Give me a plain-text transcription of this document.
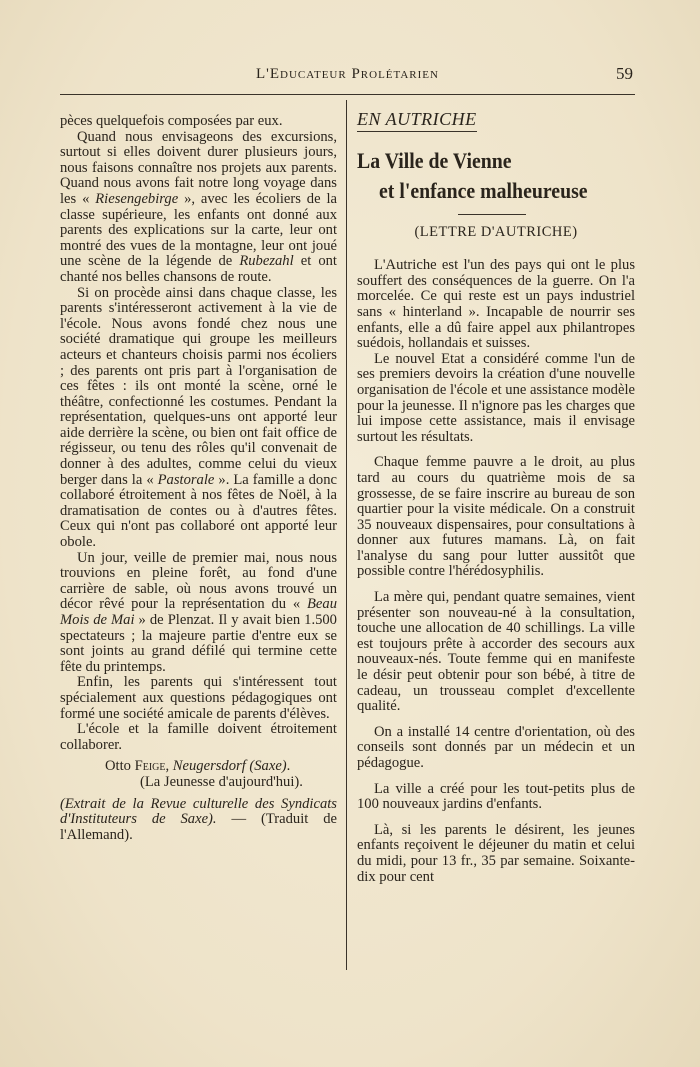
L'Educateur Prolétarien	59

pèces quelquefois composées par eux.

Quand nous envisageons des excursions, surtout si elles doivent durer plusieurs jours, nous faisons connaître nos projets aux parents. Quand nous avons fait notre long voyage dans les « Riesengebirge », avec les écoliers de la classe supérieure, les enfants ont donné aux parents des explications sur la carte, leur ont montré des vues de la montagne, leur ont joué une scène de la légende de Rubezahl et ont chanté nos belles chansons de route.

Si on procède ainsi dans chaque classe, les parents s'intéresseront activement à la vie de l'école. Nous avons fondé chez nous une société dramatique qui groupe les meilleurs acteurs et chanteurs choisis parmi nos écoliers ; des parents ont pris part à l'organisation de ces fêtes : ils ont monté la scène, orné le théâtre, confectionné les costumes. Pendant la représentation, quelques-uns ont apporté leur aide derrière la scène, ou bien ont fait office de régisseur, ou tenu des rôles qu'il convenait de donner à des adultes, comme celui du vieux berger dans la « Pastorale ». La famille a donc collaboré étroitement à nos fêtes de Noël, à la dramatisation de contes ou à d'autres fêtes. Ceux qui n'ont pas collaboré ont apporté leur obole.

Un jour, veille de premier mai, nous nous trouvions en pleine forêt, au fond d'une carrière de sable, où nous avons trouvé un décor rêvé pour la représentation du « Beau Mois de Mai » de Plenzat. Il y avait bien 1.500 spectateurs ; la majeure partie d'entre eux se sont joints au grand défilé qui termine cette fête du printemps.

Enfin, les parents qui s'intéressent tout spécialement aux questions pédagogiques ont formé une société amicale de parents d'élèves.

L'école et la famille doivent étroitement collaborer.

Otto Feige, Neugersdorf (Saxe).
(La Jeunesse d'aujourd'hui).

(Extrait de la Revue culturelle des Syndicats d'Instituteurs de Saxe). — (Traduit de l'Allemand).

EN AUTRICHE
La Ville de Vienne
et l'enfance malheureuse
(LETTRE D'AUTRICHE)

L'Autriche est l'un des pays qui ont le plus souffert des conséquences de la guerre. On l'a morcelée. Ce qui reste est un pays industriel sans « hinterland ». Incapable de nourrir ses enfants, elle a dû faire appel aux philantropes suédois, hollandais et suisses.

Le nouvel Etat a considéré comme l'un de ses premiers devoirs la création d'une nouvelle organisation de l'école et une assistance modèle pour la jeunesse. Il n'ignore pas les charges que lui impose cette assistance, mais il envisage surtout les résultats.

Chaque femme pauvre a le droit, au plus tard au cours du quatrième mois de sa grossesse, de se faire inscrire au bureau de son quartier pour la visite médicale. On a construit 35 nouveaux dispensaires, pour consultations à donner aux futures mamans. Là, on fait l'analyse du sang pour lutter aussitôt que possible contre l'hérédosyphilis.

La mère qui, pendant quatre semaines, vient présenter son nouveau-né à la consultation, touche une allocation de 40 schillings. La ville est toujours prête à accorder des secours aux nouveaux-nés. Toute femme qui en manifeste le désir peut obtenir pour son bébé, à titre de cadeau, un trousseau complet d'excellente qualité.

On a installé 14 centre d'orientation, où des conseils sont donnés par un médecin et un pédagogue.

La ville a créé pour les tout-petits plus de 100 nouveaux jardins d'enfants.

Là, si les parents le désirent, les jeunes enfants reçoivent le déjeuner du matin et celui du midi, pour 13 fr., 35 par semaine. Soixante-dix pour cent
